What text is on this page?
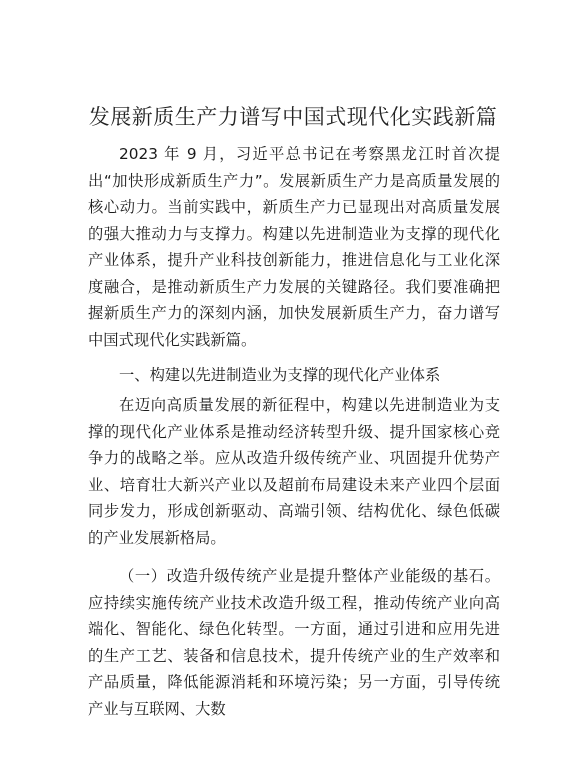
发展新质生产力谱写中国式现代化实践新篇

2023 年 9 月，习近平总书记在考察黑龙江时首次提出“加快形成新质生产力”。发展新质生产力是高质量发展的核心动力。当前实践中，新质生产力已显现出对高质量发展的强大推动力与支撑力。构建以先进制造业为支撑的现代化产业体系，提升产业科技创新能力，推进信息化与工业化深度融合，是推动新质生产力发展的关键路径。我们要准确把握新质生产力的深刻内涵，加快发展新质生产力，奋力谱写中国式现代化实践新篇。

一、构建以先进制造业为支撑的现代化产业体系

在迈向高质量发展的新征程中，构建以先进制造业为支撑的现代化产业体系是推动经济转型升级、提升国家核心竞争力的战略之举。应从改造升级传统产业、巩固提升优势产业、培育壮大新兴产业以及超前布局建设未来产业四个层面同步发力，形成创新驱动、高端引领、结构优化、绿色低碳的产业发展新格局。

（一）改造升级传统产业是提升整体产业能级的基石。应持续实施传统产业技术改造升级工程，推动传统产业向高端化、智能化、绿色化转型。一方面，通过引进和应用先进的生产工艺、装备和信息技术，提升传统产业的生产效率和产品质量，降低能源消耗和环境污染；另一方面，引导传统产业与互联网、大数
